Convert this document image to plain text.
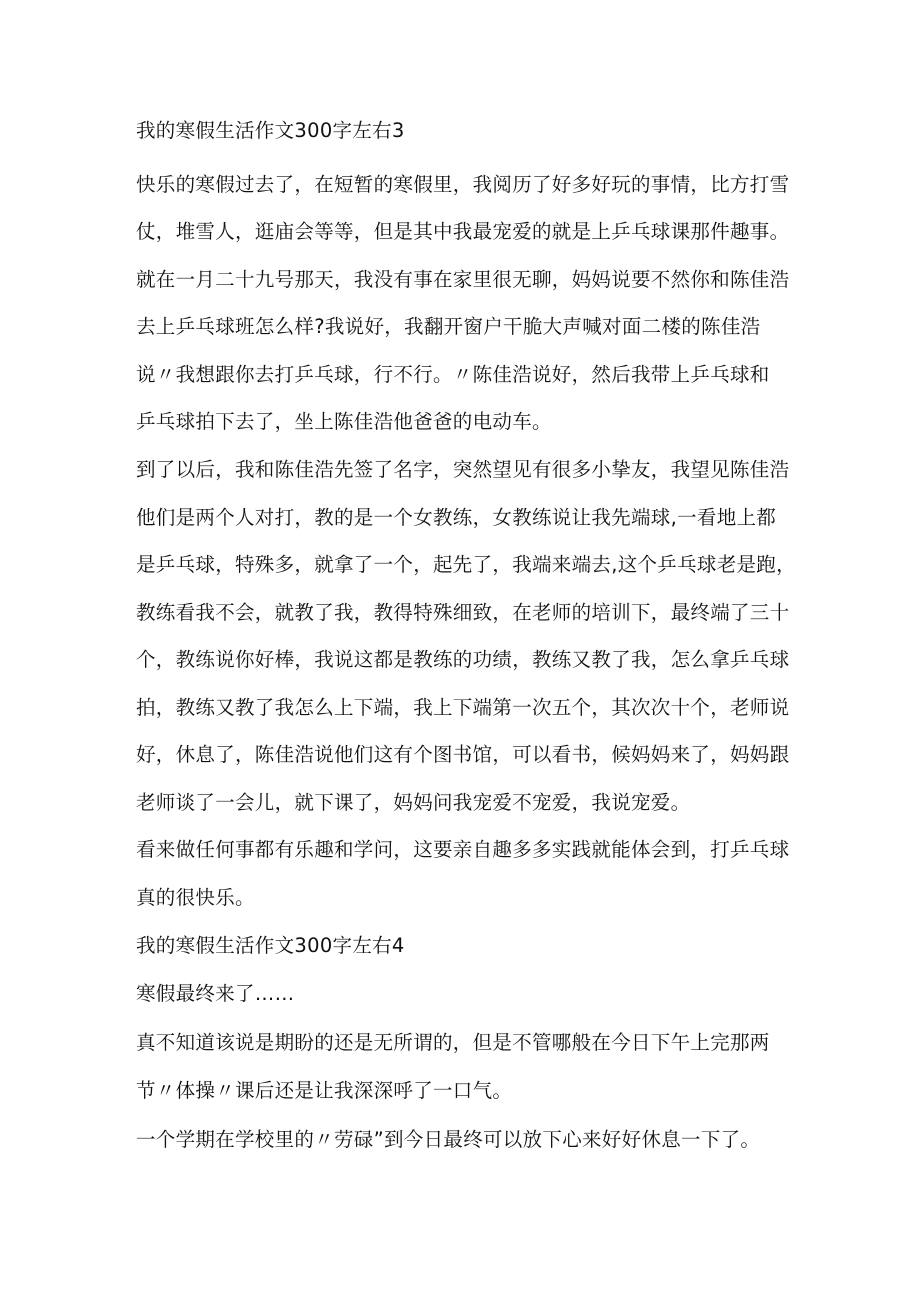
我的寒假生活作文300字左右3
快乐的寒假过去了，在短暂的寒假里，我阅历了好多好玩的事情，比方打雪
仗，堆雪人，逛庙会等等，但是其中我最宠爱的就是上乒乓球课那件趣事。
就在一月二十九号那天，我没有事在家里很无聊，妈妈说要不然你和陈佳浩
去上乒乓球班怎么样?我说好，我翻开窗户干脆大声喊对面二楼的陈佳浩
说〃我想跟你去打乒乓球，行不行。〃陈佳浩说好，然后我带上乒乓球和
乒乓球拍下去了，坐上陈佳浩他爸爸的电动车。
到了以后，我和陈佳浩先签了名字，突然望见有很多小挚友，我望见陈佳浩
他们是两个人对打，教的是一个女教练，女教练说让我先端球,一看地上都
是乒乓球，特殊多，就拿了一个，起先了，我端来端去,这个乒乓球老是跑，
教练看我不会，就教了我，教得特殊细致，在老师的培训下，最终端了三十
个，教练说你好棒，我说这都是教练的功绩，教练又教了我，怎么拿乒乓球
拍，教练又教了我怎么上下端，我上下端第一次五个，其次次十个，老师说
好，休息了，陈佳浩说他们这有个图书馆，可以看书，候妈妈来了，妈妈跟
老师谈了一会儿，就下课了，妈妈问我宠爱不宠爱，我说宠爱。
看来做任何事都有乐趣和学问，这要亲自趣多多实践就能体会到，打乒乓球
真的很快乐。
我的寒假生活作文300字左右4
寒假最终来了……
真不知道该说是期盼的还是无所谓的，但是不管哪般在今日下午上完那两
节〃体操〃课后还是让我深深呼了一口气。
一个学期在学校里的〃劳碌”到今日最终可以放下心来好好休息一下了。
